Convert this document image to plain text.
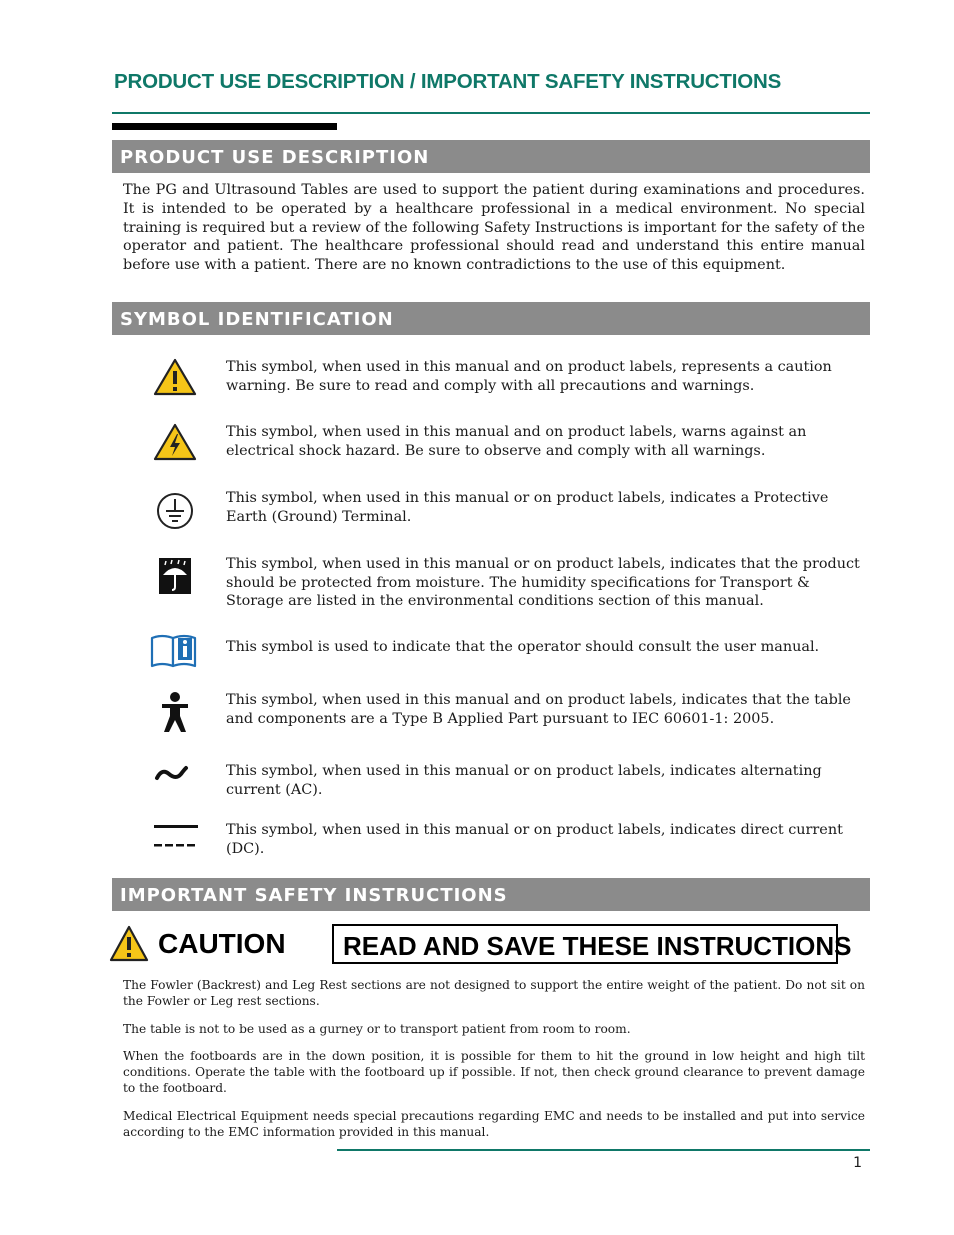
PRODUCT USE DESCRIPTION / IMPORTANT SAFETY INSTRUCTIONS
PRODUCT USE DESCRIPTION
The PG and Ultrasound Tables are used to support the patient during examinations and procedures. It is intended to be operated by a healthcare professional in a medical environment. No special training is required but a review of the following Safety Instructions is important for the safety of the operator and patient. The healthcare professional should read and understand this entire manual before use with a patient. There are no known contradictions to the use of this equipment.
SYMBOL IDENTIFICATION
This symbol, when used in this manual and on product labels, represents a caution warning. Be sure to read and comply with all precautions and warnings.
This symbol, when used in this manual and on product labels, warns against an electrical shock hazard. Be sure to observe and comply with all warnings.
This symbol, when used in this manual or on product labels, indicates a Protective Earth (Ground) Terminal.
This symbol, when used in this manual or on product labels, indicates that the product should be protected from moisture. The humidity specifications for Transport & Storage are listed in the environmental conditions section of this manual.
This symbol is used to indicate that the operator should consult the user manual.
This symbol, when used in this manual and on product labels, indicates that the table and components are a Type B Applied Part pursuant to IEC 60601-1: 2005.
This symbol, when used in this manual or on product labels, indicates alternating current (AC).
This symbol, when used in this manual or on product labels, indicates direct current (DC).
IMPORTANT SAFETY INSTRUCTIONS
CAUTION READ AND SAVE THESE INSTRUCTIONS
The Fowler (Backrest) and Leg Rest sections are not designed to support the entire weight of the patient. Do not sit on the Fowler or Leg rest sections.
The table is not to be used as a gurney or to transport patient from room to room.
When the footboards are in the down position, it is possible for them to hit the ground in low height and high tilt conditions. Operate the table with the footboard up if possible. If not, then check ground clearance to prevent damage to the footboard.
Medical Electrical Equipment needs special precautions regarding EMC and needs to be installed and put into service according to the EMC information provided in this manual.
1
